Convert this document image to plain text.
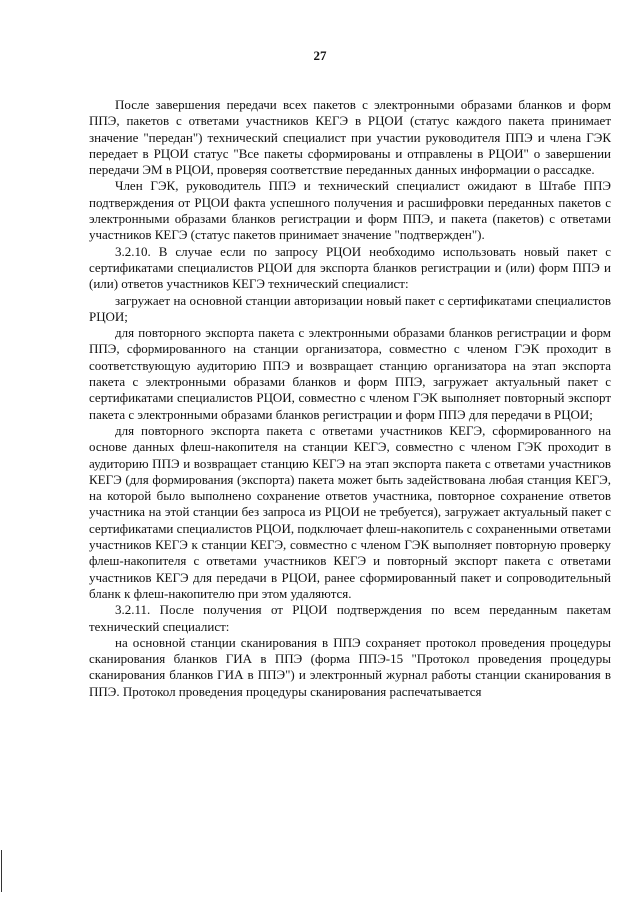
27

После завершения передачи всех пакетов с электронными образами бланков и форм ППЭ, пакетов с ответами участников КЕГЭ в РЦОИ (статус каждого пакета принимает значение "передан") технический специалист при участии руководителя ППЭ и члена ГЭК передает в РЦОИ статус "Все пакеты сформированы и отправлены в РЦОИ" о завершении передачи ЭМ в РЦОИ, проверяя соответствие переданных данных информации о рассадке.

Член ГЭК, руководитель ППЭ и технический специалист ожидают в Штабе ППЭ подтверждения от РЦОИ факта успешного получения и расшифровки переданных пакетов с электронными образами бланков регистрации и форм ППЭ, и пакета (пакетов) с ответами участников КЕГЭ (статус пакетов принимает значение "подтвержден").

3.2.10. В случае если по запросу РЦОИ необходимо использовать новый пакет с сертификатами специалистов РЦОИ для экспорта бланков регистрации и (или) форм ППЭ и (или) ответов участников КЕГЭ технический специалист:

загружает на основной станции авторизации новый пакет с сертификатами специалистов РЦОИ;

для повторного экспорта пакета с электронными образами бланков регистрации и форм ППЭ, сформированного на станции организатора, совместно с членом ГЭК проходит в соответствующую аудиторию ППЭ и возвращает станцию организатора на этап экспорта пакета с электронными образами бланков и форм ППЭ, загружает актуальный пакет с сертификатами специалистов РЦОИ, совместно с членом ГЭК выполняет повторный экспорт пакета с электронными образами бланков регистрации и форм ППЭ для передачи в РЦОИ;

для повторного экспорта пакета с ответами участников КЕГЭ, сформированного на основе данных флеш-накопителя на станции КЕГЭ, совместно с членом ГЭК проходит в аудиторию ППЭ и возвращает станцию КЕГЭ на этап экспорта пакета с ответами участников КЕГЭ (для формирования (экспорта) пакета может быть задействована любая станция КЕГЭ, на которой было выполнено сохранение ответов участника, повторное сохранение ответов участника на этой станции без запроса из РЦОИ не требуется), загружает актуальный пакет с сертификатами специалистов РЦОИ, подключает флеш-накопитель с сохраненными ответами участников КЕГЭ к станции КЕГЭ, совместно с членом ГЭК выполняет повторную проверку флеш-накопителя с ответами участников КЕГЭ и повторный экспорт пакета с ответами участников КЕГЭ для передачи в РЦОИ, ранее сформированный пакет и сопроводительный бланк к флеш-накопителю при этом удаляются.

3.2.11. После получения от РЦОИ подтверждения по всем переданным пакетам технический специалист:

на основной станции сканирования в ППЭ сохраняет протокол проведения процедуры сканирования бланков ГИА в ППЭ (форма ППЭ-15 "Протокол проведения процедуры сканирования бланков ГИА в ППЭ") и электронный журнал работы станции сканирования в ППЭ. Протокол проведения процедуры сканирования распечатывается
